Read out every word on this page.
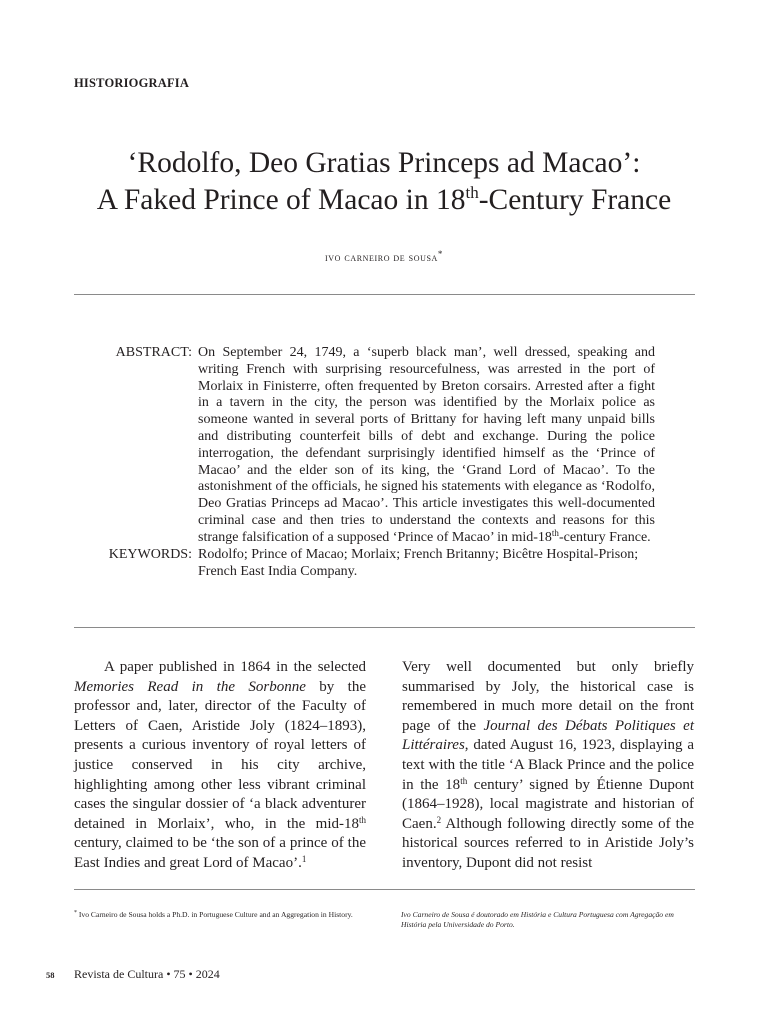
HISTORIOGRAFIA
‘Rodolfo, Deo Gratias Princeps ad Macao’:
A Faked Prince of Macao in 18th-Century France
ivo carneiro de sousa*
ABSTRACT: On September 24, 1749, a ‘superb black man’, well dressed, speaking and writing French with surprising resourcefulness, was arrested in the port of Morlaix in Finisterre, often frequented by Breton corsairs. Arrested after a fight in a tavern in the city, the person was identified by the Morlaix police as someone wanted in several ports of Brittany for having left many unpaid bills and distributing counterfeit bills of debt and exchange. During the police interrogation, the defendant surprisingly identified himself as the ‘Prince of Macao’ and the elder son of its king, the ‘Grand Lord of Macao’. To the astonishment of the officials, he signed his statements with elegance as ‘Rodolfo, Deo Gratias Princeps ad Macao’. This article investigates this well-documented criminal case and then tries to understand the contexts and reasons for this strange falsification of a supposed ‘Prince of Macao’ in mid-18th-century France.
KEYWORDS: Rodolfo; Prince of Macao; Morlaix; French Britanny; Bicêtre Hospital-Prison; French East India Company.

A paper published in 1864 in the selected Memories Read in the Sorbonne by the professor and, later, director of the Faculty of Letters of Caen, Aristide Joly (1824–1893), presents a curious inventory of royal letters of justice conserved in his city archive, highlighting among other less vibrant criminal cases the singular dossier of ‘a black adventurer detained in Morlaix’, who, in the mid-18th century, claimed to be ‘the son of a prince of the East Indies and great Lord of Macao’.$^1$

Very well documented but only briefly summarised by Joly, the historical case is remembered in much more detail on the front page of the Journal des Débats Politiques et Littéraires, dated August 16, 1923, displaying a text with the title ‘A Black Prince and the police in the 18th century’ signed by Étienne Dupont (1864–1928), local magistrate and historian of Caen.$^2$ Although following directly some of the historical sources referred to in Aristide Joly’s inventory, Dupont did not resist

* Ivo Carneiro de Sousa holds a Ph.D. in Portuguese Culture and an Aggregation in History.	Ivo Carneiro de Sousa é doutorado em História e Cultura Portuguesa com Agregação em História pela Universidade do Porto.
58 Revista de Cultura • 75 • 2024
